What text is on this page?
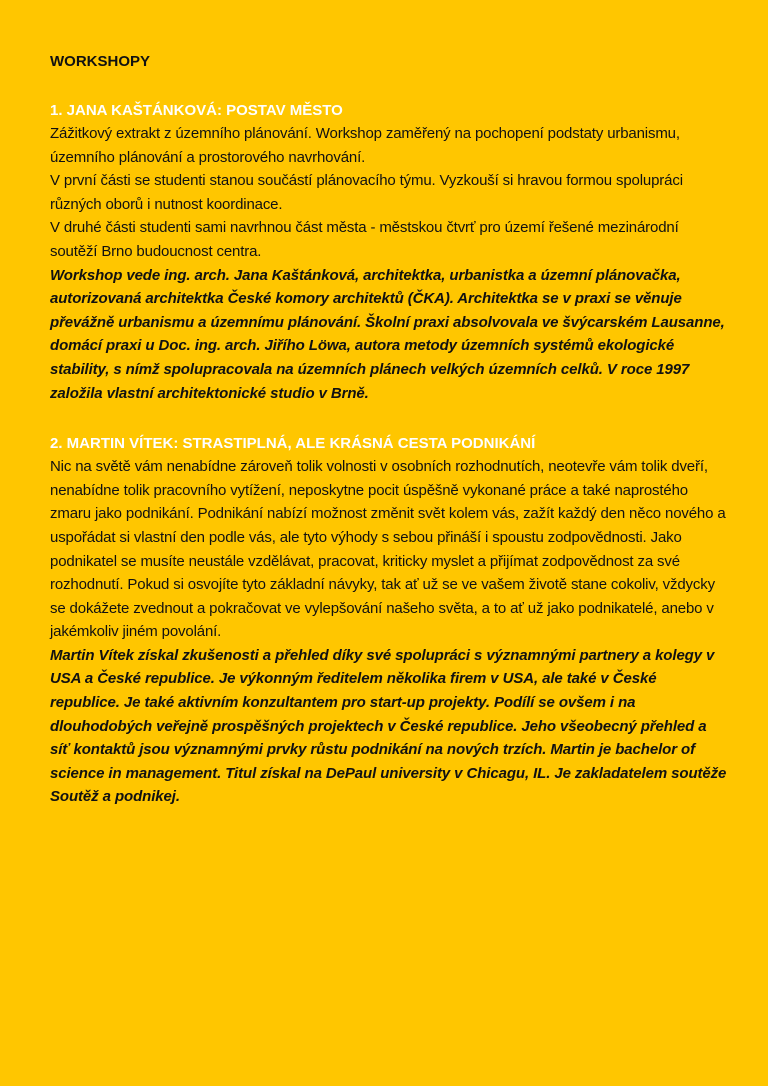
WORKSHOPY
1. JANA KAŠTÁNKOVÁ: POSTAV MĚSTO

Zážitkový extrakt z územního plánování. Workshop zaměřený na pochopení podstaty urbanismu, územního plánování a prostorového navrhování.

V první části se studenti stanou součástí plánovacího týmu. Vyzkouší si hravou formou spolupráci různých oborů i nutnost koordinace.

V druhé části studenti sami navrhnou část města - městskou čtvrť pro území řešené mezinárodní soutěží Brno budoucnost centra.

Workshop vede ing. arch. Jana Kaštánková, architektka, urbanistka a územní plánovačka, autorizovaná architektka České komory architektů (ČKA). Architektka se v praxi se věnuje převážně urbanismu a územnímu plánování. Školní praxi absolvovala ve švýcarském Lausanne, domácí praxi u Doc. ing. arch. Jiřího Löwa, autora metody územních systémů ekologické stability, s nímž spolupracovala na územních plánech velkých územních celků. V roce 1997 založila vlastní architektonické studio v Brně.

2. MARTIN VÍTEK: STRASTIPLNÁ, ALE KRÁSNÁ CESTA PODNIKÁNÍ

Nic na světě vám nenabídne zároveň tolik volnosti v osobních rozhodnutích, neotevře vám tolik dveří, nenabídne tolik pracovního vytížení, neposkytne pocit úspěšně vykonané práce a také naprostého zmaru jako podnikání. Podnikání nabízí možnost změnit svět kolem vás, zažít každý den něco nového a uspořádat si vlastní den podle vás, ale tyto výhody s sebou přináší i spoustu zodpovědnosti. Jako podnikatel se musíte neustále vzdělávat, pracovat, kriticky myslet a přijímat zodpovědnost za své rozhodnutí. Pokud si osvojíte tyto základní návyky, tak ať už se ve vašem životě stane cokoliv, vždycky se dokážete zvednout a pokračovat ve vylepšování našeho světa, a to ať už jako podnikatelé, anebo v jakémkoliv jiném povolání.

Martin Vítek získal zkušenosti a přehled díky své spolupráci s významnými partnery a kolegy v USA a České republice. Je výkonným ředitelem několika firem v USA, ale také v České republice. Je také aktivním konzultantem pro start-up projekty. Podílí se ovšem i na dlouhodobých veřejně prospěšných projektech v České republice. Jeho všeobecný přehled a síť kontaktů jsou významnými prvky růstu podnikání na nových trzích. Martin je bachelor of science in management. Titul získal na DePaul university v Chicagu, IL. Je zakladatelem soutěže Soutěž a podnikej.
